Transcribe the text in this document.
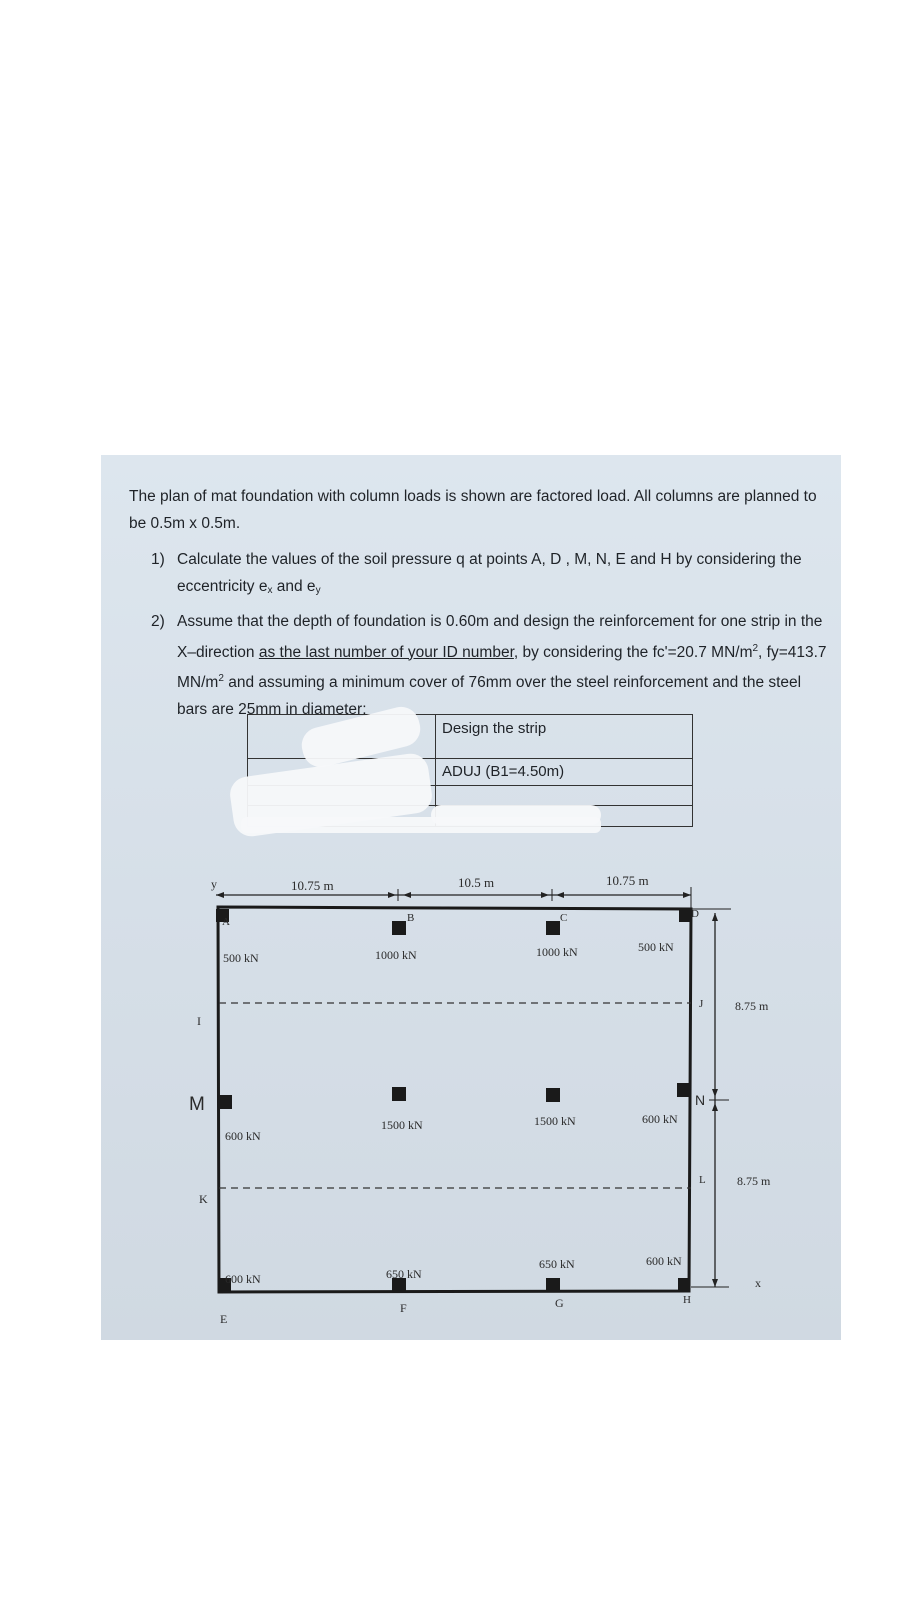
The plan of mat foundation with column loads is shown are factored load. All columns are planned to be 0.5m x 0.5m.
1) Calculate the values of the soil pressure q at points A, D , M, N, E and H by considering the eccentricity $e_x$ and $e_y$
2) Assume that the depth of foundation is 0.60m and design the reinforcement for one strip in the X–direction as the last number of your ID number, by considering the fc'=20.7 $MN/m^2$, fy=413.7 $MN/m^2$ and assuming a minimum cover of 76mm over the steel reinforcement and the steel bars are 25mm in diameter:
Design the strip
ADUJ (B1=4.50m)
10.75 m	10.5 m	10.75 m
y
8.75 m
8.75 m
x
A	B	C	D
I
J
M	N
K
L
E
F	G	H
500 kN	1000 kN	1000 kN	500 kN
600 kN
1500 kN	1500 kN	600 kN
600 kN	650 kN
650 kN	600 kN
